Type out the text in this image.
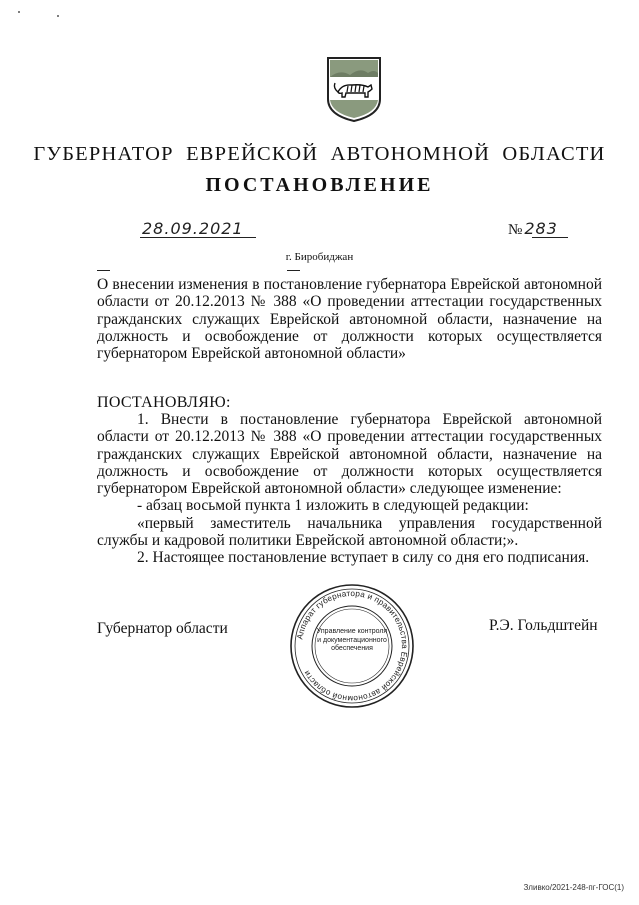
ГУБЕРНАТОР ЕВРЕЙСКОЙ АВТОНОМНОЙ ОБЛАСТИ
ПОСТАНОВЛЕНИЕ
28.09.2021	№ 283
г. Биробиджан
О внесении изменения в постановление губернатора Еврейской автономной области от 20.12.2013 № 388 «О проведении аттестации государственных гражданских служащих Еврейской автономной области, назначение на должность и освобождение от должности которых осуществляется губернатором Еврейской автономной области»
ПОСТАНОВЛЯЮ:

1. Внести в постановление губернатора Еврейской автономной области от 20.12.2013 № 388 «О проведении аттестации государственных гражданских служащих Еврейской автономной области, назначение на должность и освобождение от должности которых осуществляется губернатором Еврейской автономной области» следующее изменение:

- абзац восьмой пункта 1 изложить в следующей редакции:

«первый заместитель начальника управления государственной службы и кадровой политики Еврейской автономной области;».

2. Настоящее постановление вступает в силу со дня его подписания.

Губернатор области	Р.Э. Гольдштейн
Аппарат губернатора и правительства Еврейской автономной области
Управление контроля и документационного обеспечения
Зливко/2021-248-пг-ГОС(1)
